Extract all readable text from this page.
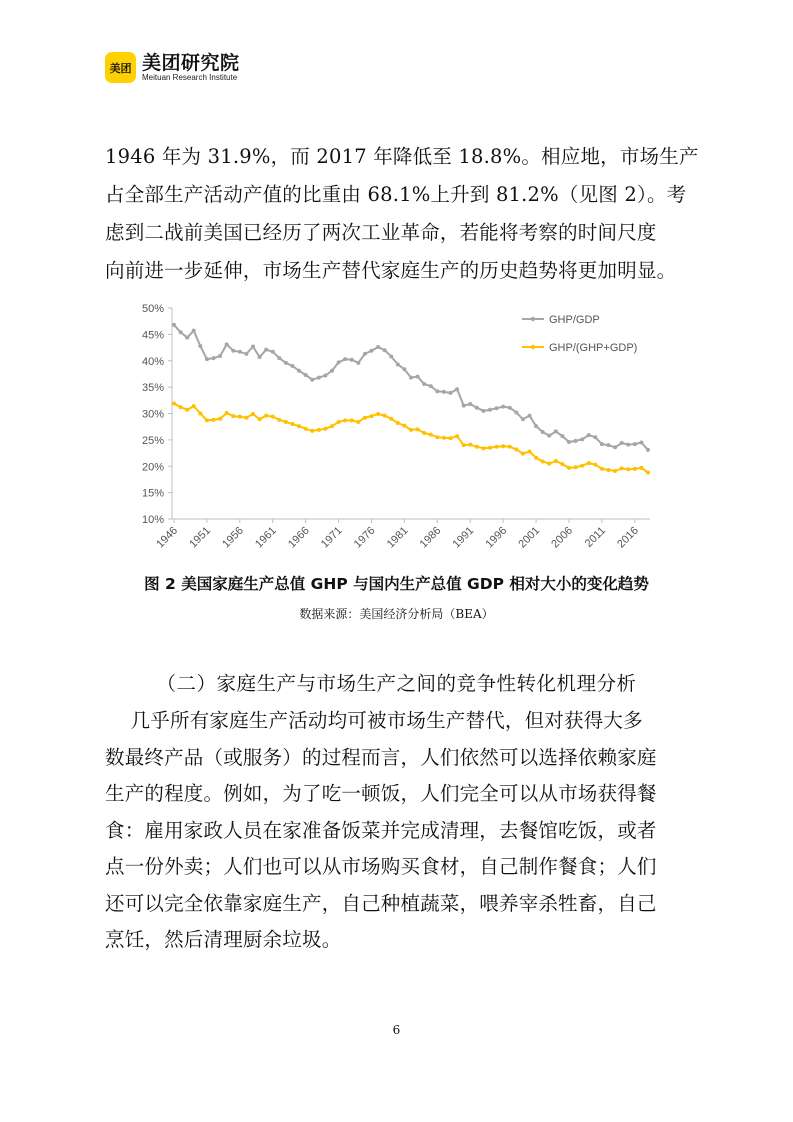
美团 美团研究院
Meituan Research Institute

1946 年为 31.9%，而 2017 年降低至 18.8%。相应地，市场生产

占全部生产活动产值的比重由 68.1%上升到 81.2%（见图 2）。考

虑到二战前美国已经历了两次工业革命，若能将考察的时间尺度

向前进一步延伸，市场生产替代家庭生产的历史趋势将更加明显。

10%
15%
20%
25%
30%
35%
40%
45%
50%
1946 1951 1956 1961 1966 1971 1976 1981 1986 1991 1996 2001 2006 2011 2016
GHP/GDP
GHP/(GHP+GDP)
图 2 美国家庭生产总值 GHP 与国内生产总值 GDP 相对大小的变化趋势
数据来源：美国经济分析局（BEA）
（二）家庭生产与市场生产之间的竞争性转化机理分析

几乎所有家庭生产活动均可被市场生产替代，但对获得大多

数最终产品（或服务）的过程而言，人们依然可以选择依赖家庭

生产的程度。例如，为了吃一顿饭，人们完全可以从市场获得餐

食：雇用家政人员在家准备饭菜并完成清理，去餐馆吃饭，或者

点一份外卖；人们也可以从市场购买食材，自己制作餐食；人们

还可以完全依靠家庭生产，自己种植蔬菜，喂养宰杀牲畜，自己

烹饪，然后清理厨余垃圾。

6
